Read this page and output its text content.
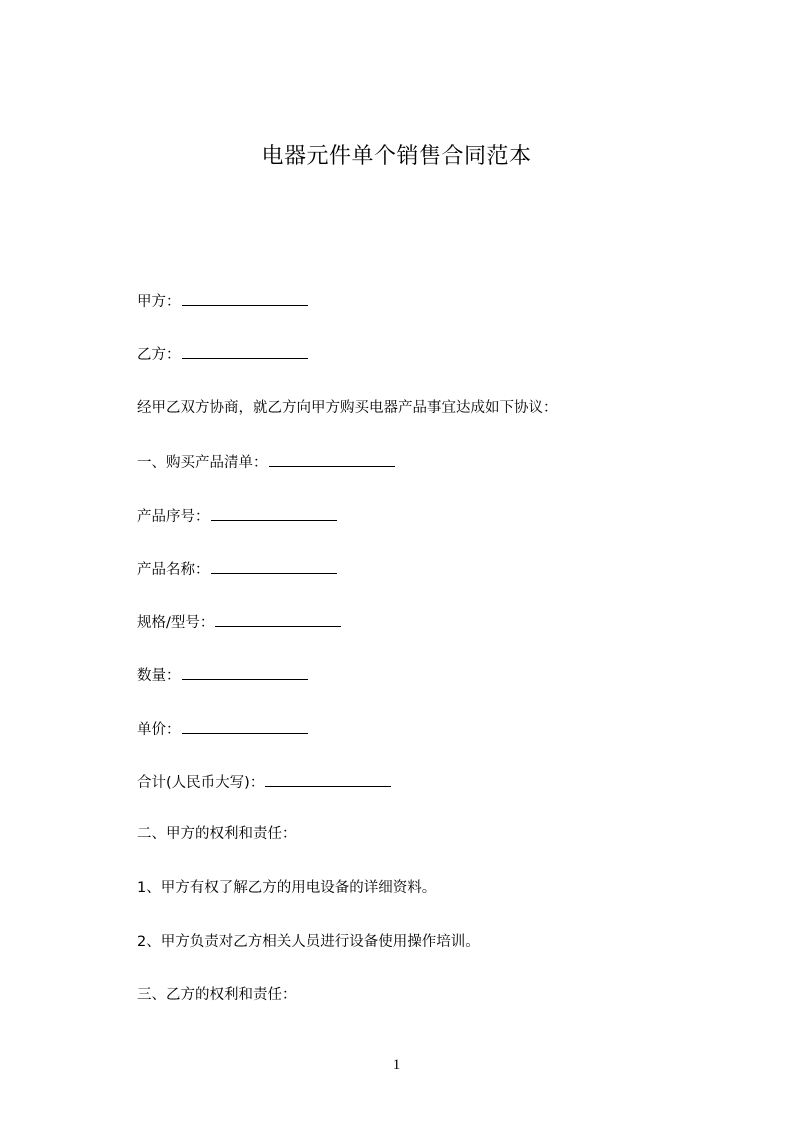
电器元件单个销售合同范本
甲方：
乙方：
经甲乙双方协商，就乙方向甲方购买电器产品事宜达成如下协议：
一、购买产品清单：
产品序号：
产品名称：
规格/型号：
数量：
单价：
合计(人民币大写)：
二、甲方的权利和责任：
1、甲方有权了解乙方的用电设备的详细资料。
2、甲方负责对乙方相关人员进行设备使用操作培训。
三、乙方的权利和责任：
1
